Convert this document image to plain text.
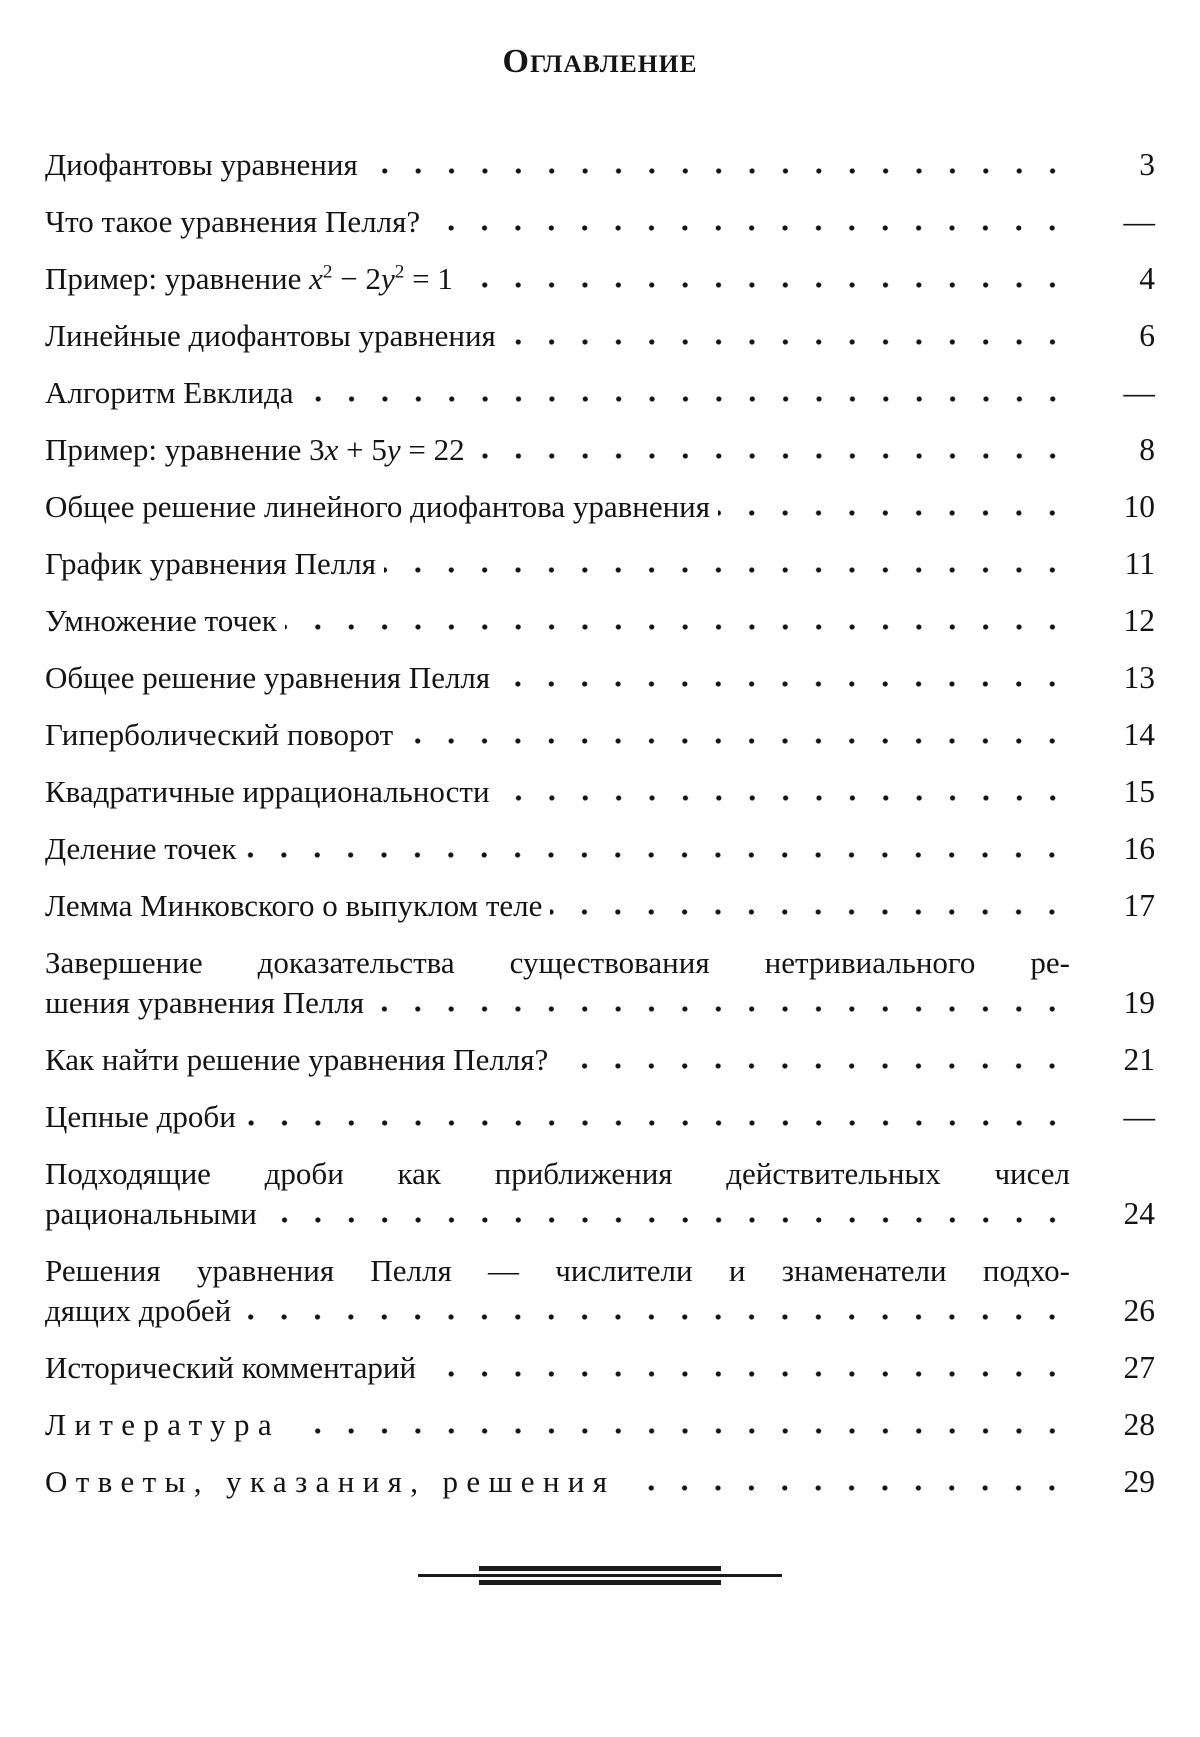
ОГЛАВЛЕНИЕ
Диофантовы уравнения	3
Что такое уравнения Пелля?	—
Пример: уравнение $x^2 - 2y^2 = 1$	4
Линейные диофантовы уравнения	6
Алгоритм Евклида	—
Пример: уравнение 3x + 5y = 22	8
Общее решение линейного диофантова уравнения	10
График уравнения Пелля	11
Умножение точек	12
Общее решение уравнения Пелля	13
Гиперболический поворот	14
Квадратичные иррациональности	15
Деление точек	16
Лемма Минковского о выпуклом теле	17
Завершение доказательства существования нетривиального ре-
шения уравнения Пелля	19
Как найти решение уравнения Пелля?	21
Цепные дроби	—
Подходящие дроби как приближения действительных чисел
рациональными	24
Решения уравнения Пелля — числители и знаменатели подхо-
дящих дробей	26
Исторический комментарий	27
Литература	28
Ответы, указания, решения	29
